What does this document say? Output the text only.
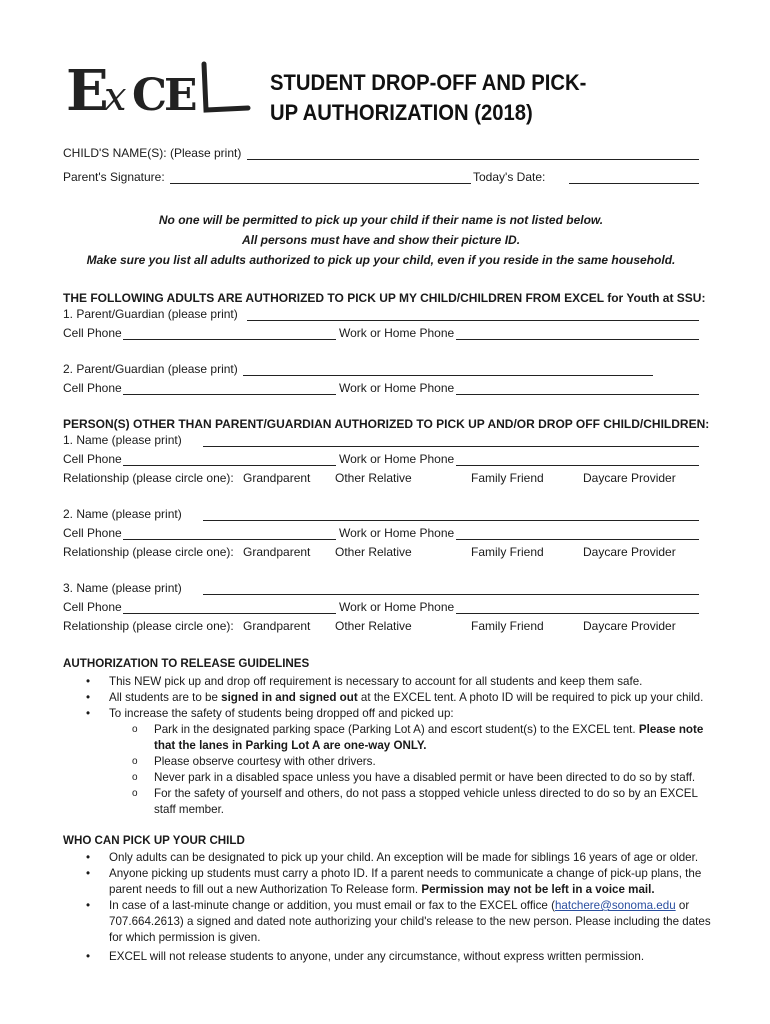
E
x C
E	STUDENT DROP-OFF AND PICK-
UP AUTHORIZATION (2018)
CHILD'S NAME(S): (Please print)
Parent's Signature:	Today's Date:
No one will be permitted to pick up your child if their name is not listed below.
All persons must have and show their picture ID.
Make sure you list all adults authorized to pick up your child, even if you reside in the same household.
THE FOLLOWING ADULTS ARE AUTHORIZED TO PICK UP MY CHILD/CHILDREN FROM EXCEL for Youth at SSU:
1. Parent/Guardian (please print)
Cell Phone	Work or Home Phone
2. Parent/Guardian (please print)
Cell Phone	Work or Home Phone
PERSON(S) OTHER THAN PARENT/GUARDIAN AUTHORIZED TO PICK UP AND/OR DROP OFF CHILD/CHILDREN:
1. Name (please print)
Cell Phone	Work or Home Phone
Relationship (please circle one): Grandparent Other Relative	Family Friend	Daycare Provider
2. Name (please print)
Cell Phone	Work or Home Phone
Relationship (please circle one): Grandparent Other Relative	Family Friend	Daycare Provider
3. Name (please print)
Cell Phone	Work or Home Phone
Relationship (please circle one): Grandparent Other Relative	Family Friend	Daycare Provider
AUTHORIZATION TO RELEASE GUIDELINES
• This NEW pick up and drop off requirement is necessary to account for all students and keep them safe.
• All students are to be signed in and signed out at the EXCEL tent. A photo ID will be required to pick up your child.
• To increase the safety of students being dropped off and picked up:
o Park in the designated parking space (Parking Lot A) and escort student(s) to the EXCEL tent. Please note
that the lanes in Parking Lot A are one-way ONLY.
o Please observe courtesy with other drivers.
o Never park in a disabled space unless you have a disabled permit or have been directed to do so by staff.
o For the safety of yourself and others, do not pass a stopped vehicle unless directed to do so by an EXCEL
staff member.
WHO CAN PICK UP YOUR CHILD
• Only adults can be designated to pick up your child. An exception will be made for siblings 16 years of age or older.
• Anyone picking up students must carry a photo ID. If a parent needs to communicate a change of pick-up plans, the
parent needs to fill out a new Authorization To Release form. Permission may not be left in a voice mail.
• In case of a last-minute change or addition, you must email or fax to the EXCEL office (hatchere@sonoma.edu or
707.664.2613) a signed and dated note authorizing your child's release to the new person. Please including the dates
for which permission is given.
• EXCEL will not release students to anyone, under any circumstance, without express written permission.
